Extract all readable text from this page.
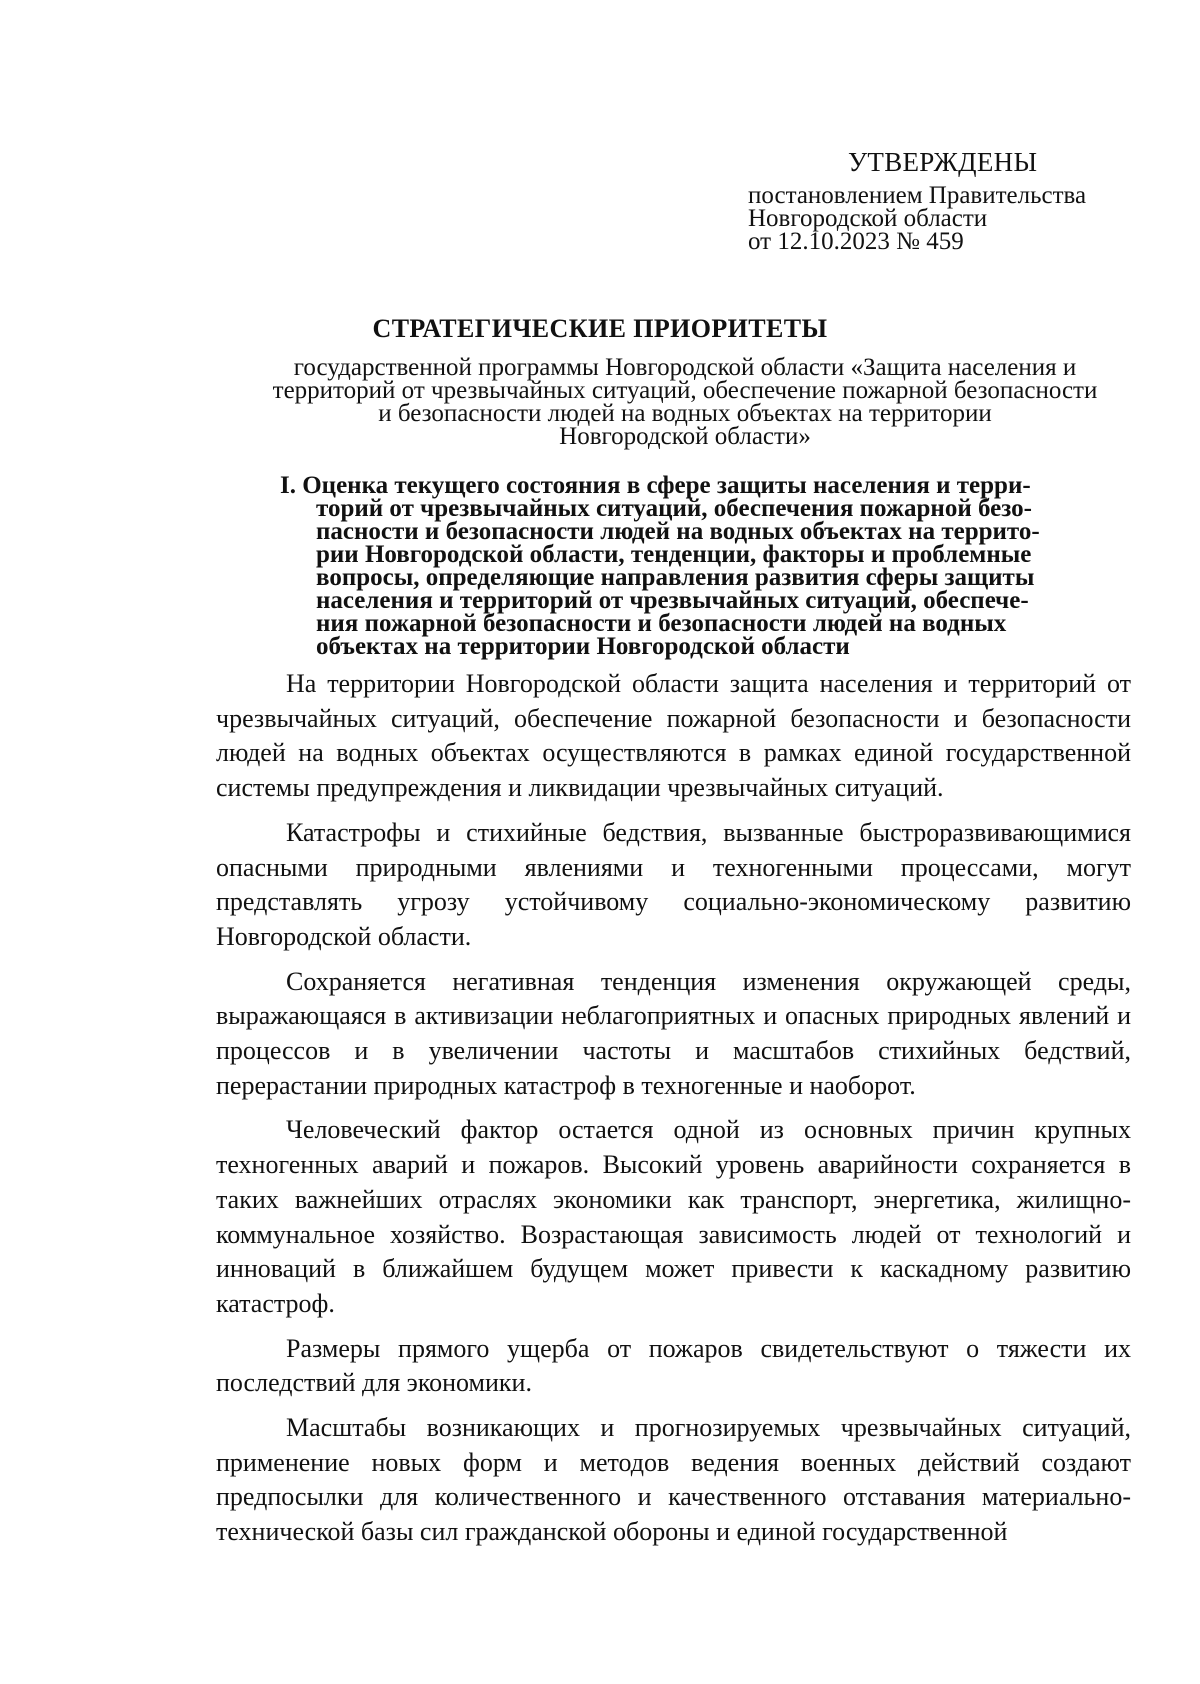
УТВЕРЖДЕНЫ
постановлением Правительства
Новгородской области
от 12.10.2023 № 459
СТРАТЕГИЧЕСКИЕ ПРИОРИТЕТЫ
государственной программы Новгородской области «Защита населения и
территорий от чрезвычайных ситуаций, обеспечение пожарной безопасности
и безопасности людей на водных объектах на территории
Новгородской области»
I. Оценка текущего состояния в сфере защиты населения и терри-
торий от чрезвычайных ситуаций, обеспечения пожарной безо-
пасности и безопасности людей на водных объектах на террито-
рии Новгородской области, тенденции, факторы и проблемные
вопросы, определяющие направления развития сферы защиты
населения и территорий от чрезвычайных ситуаций, обеспече-
ния пожарной безопасности и безопасности людей на водных
объектах на территории Новгородской области

На территории Новгородской области защита населения и территорий от чрезвычайных ситуаций, обеспечение пожарной безопасности и безопасности людей на водных объектах осуществляются в рамках единой государственной системы предупреждения и ликвидации чрезвычайных ситуаций.

Катастрофы и стихийные бедствия, вызванные быстроразвивающимися опасными природными явлениями и техногенными процессами, могут представлять угрозу устойчивому социально-экономическому развитию Новгородской области.

Сохраняется негативная тенденция изменения окружающей среды, выражающаяся в активизации неблагоприятных и опасных природных явлений и процессов и в увеличении частоты и масштабов стихийных бедствий, перерастании природных катастроф в техногенные и наоборот.

Человеческий фактор остается одной из основных причин крупных техногенных аварий и пожаров. Высокий уровень аварийности сохраняется в таких важнейших отраслях экономики как транспорт, энергетика, жилищно-коммунальное хозяйство. Возрастающая зависимость людей от технологий и инноваций в ближайшем будущем может привести к каскадному развитию катастроф.

Размеры прямого ущерба от пожаров свидетельствуют о тяжести их последствий для экономики.

Масштабы возникающих и прогнозируемых чрезвычайных ситуаций, применение новых форм и методов ведения военных действий создают предпосылки для количественного и качественного отставания материально-технической базы сил гражданской обороны и единой государственной
